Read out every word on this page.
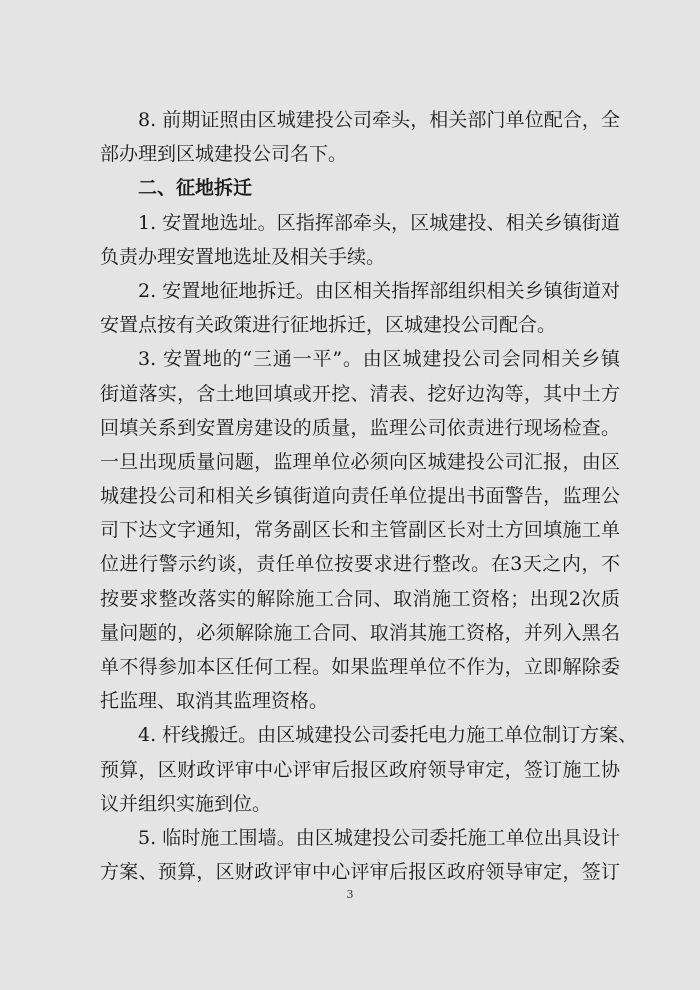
8. 前期证照由区城建投公司牵头，相关部门单位配合，全
部办理到区城建投公司名下。
二、征地拆迁
1. 安置地选址。区指挥部牵头，区城建投、相关乡镇街道
负责办理安置地选址及相关手续。
2. 安置地征地拆迁。由区相关指挥部组织相关乡镇街道对
安置点按有关政策进行征地拆迁，区城建投公司配合。
3. 安置地的“三通一平”。由区城建投公司会同相关乡镇
街道落实，含土地回填或开挖、清表、挖好边沟等，其中土方
回填关系到安置房建设的质量，监理公司依责进行现场检查。
一旦出现质量问题，监理单位必须向区城建投公司汇报，由区
城建投公司和相关乡镇街道向责任单位提出书面警告，监理公
司下达文字通知，常务副区长和主管副区长对土方回填施工单
位进行警示约谈，责任单位按要求进行整改。在3天之内，不
按要求整改落实的解除施工合同、取消施工资格；出现2次质
量问题的，必须解除施工合同、取消其施工资格，并列入黑名
单不得参加本区任何工程。如果监理单位不作为，立即解除委
托监理、取消其监理资格。
4. 杆线搬迁。由区城建投公司委托电力施工单位制订方案、
预算，区财政评审中心评审后报区政府领导审定，签订施工协
议并组织实施到位。
5. 临时施工围墙。由区城建投公司委托施工单位出具设计
方案、预算，区财政评审中心评审后报区政府领导审定，签订
3
